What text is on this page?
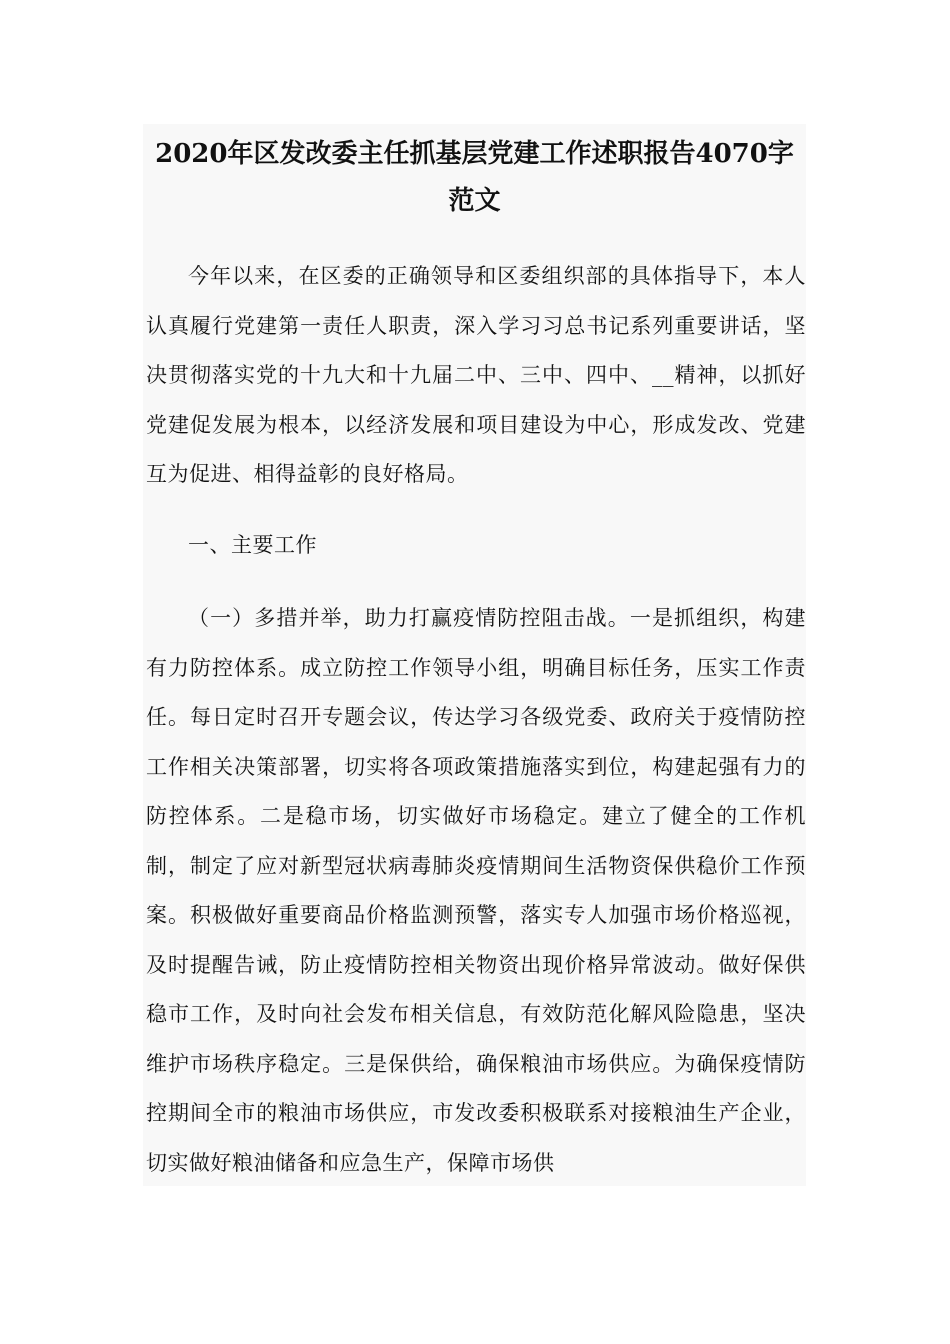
2020年区发改委主任抓基层党建工作述职报告4070字范文

今年以来，在区委的正确领导和区委组织部的具体指导下，本人认真履行党建第一责任人职责，深入学习习总书记系列重要讲话，坚决贯彻落实党的十九大和十九届二中、三中、四中、__精神，以抓好党建促发展为根本，以经济发展和项目建设为中心，形成发改、党建互为促进、相得益彰的良好格局。

一、主要工作

（一）多措并举，助力打赢疫情防控阻击战。一是抓组织，构建有力防控体系。成立防控工作领导小组，明确目标任务，压实工作责任。每日定时召开专题会议，传达学习各级党委、政府关于疫情防控工作相关决策部署，切实将各项政策措施落实到位，构建起强有力的防控体系。二是稳市场，切实做好市场稳定。建立了健全的工作机制，制定了应对新型冠状病毒肺炎疫情期间生活物资保供稳价工作预案。积极做好重要商品价格监测预警，落实专人加强市场价格巡视，及时提醒告诫，防止疫情防控相关物资出现价格异常波动。做好保供稳市工作，及时向社会发布相关信息，有效防范化解风险隐患，坚决维护市场秩序稳定。三是保供给，确保粮油市场供应。为确保疫情防控期间全市的粮油市场供应，市发改委积极联系对接粮油生产企业，切实做好粮油储备和应急生产，保障市场供
